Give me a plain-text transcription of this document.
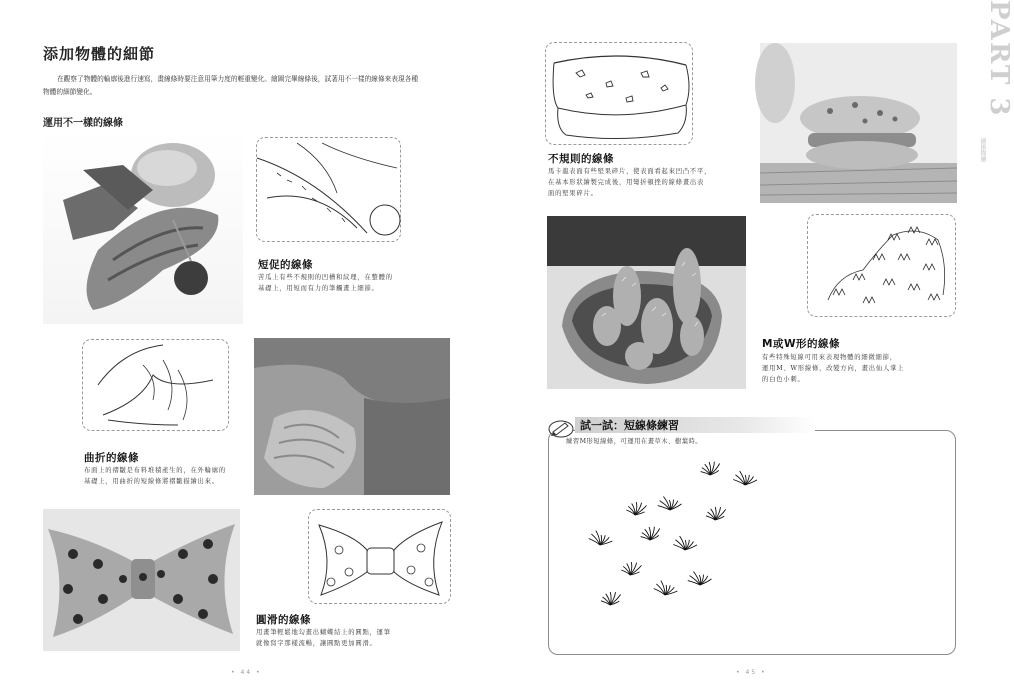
添加物體的細節
在觀察了物體的輪廓後進行速寫，畫線條時要注意用筆力度的輕重變化。繪圖完畢線條後，試著用不一樣的線條來表現各種
物體的細節變化。
運用不一樣的線條
短促的線條
苦瓜上有些不規則的凹槽和紋理，在整體的
基礎上，用短而有力的筆觸畫上細節。
曲折的線條
布面上的褶皺是布料堆積產生的，在外輪廓的
基礎上，用曲折的短線條將褶皺描繪出來。
圓滑的線條
用畫筆輕鬆地勾畫出蝴蝶結上的圓點，運筆
就像寫字那樣流暢，讓圓點更加圓滑。
• 44 •
不規則的線條
馬卡龍表面有些堅果碎片，使表面看起來凹凸不平，
在基本形狀繪製完成後，用彎折頓挫的線條畫出表
面的堅果碎片。
M或W形的線條
有些特殊短線可用來表現物體的細微細節，
運用M、W形線條，改變方向，畫出仙人掌上
的白色小刺。
試一試：短線條練習
練習M形短線條，可運用在畫草木、樹葉時。
PART 3
細節描繪
• 45 •
